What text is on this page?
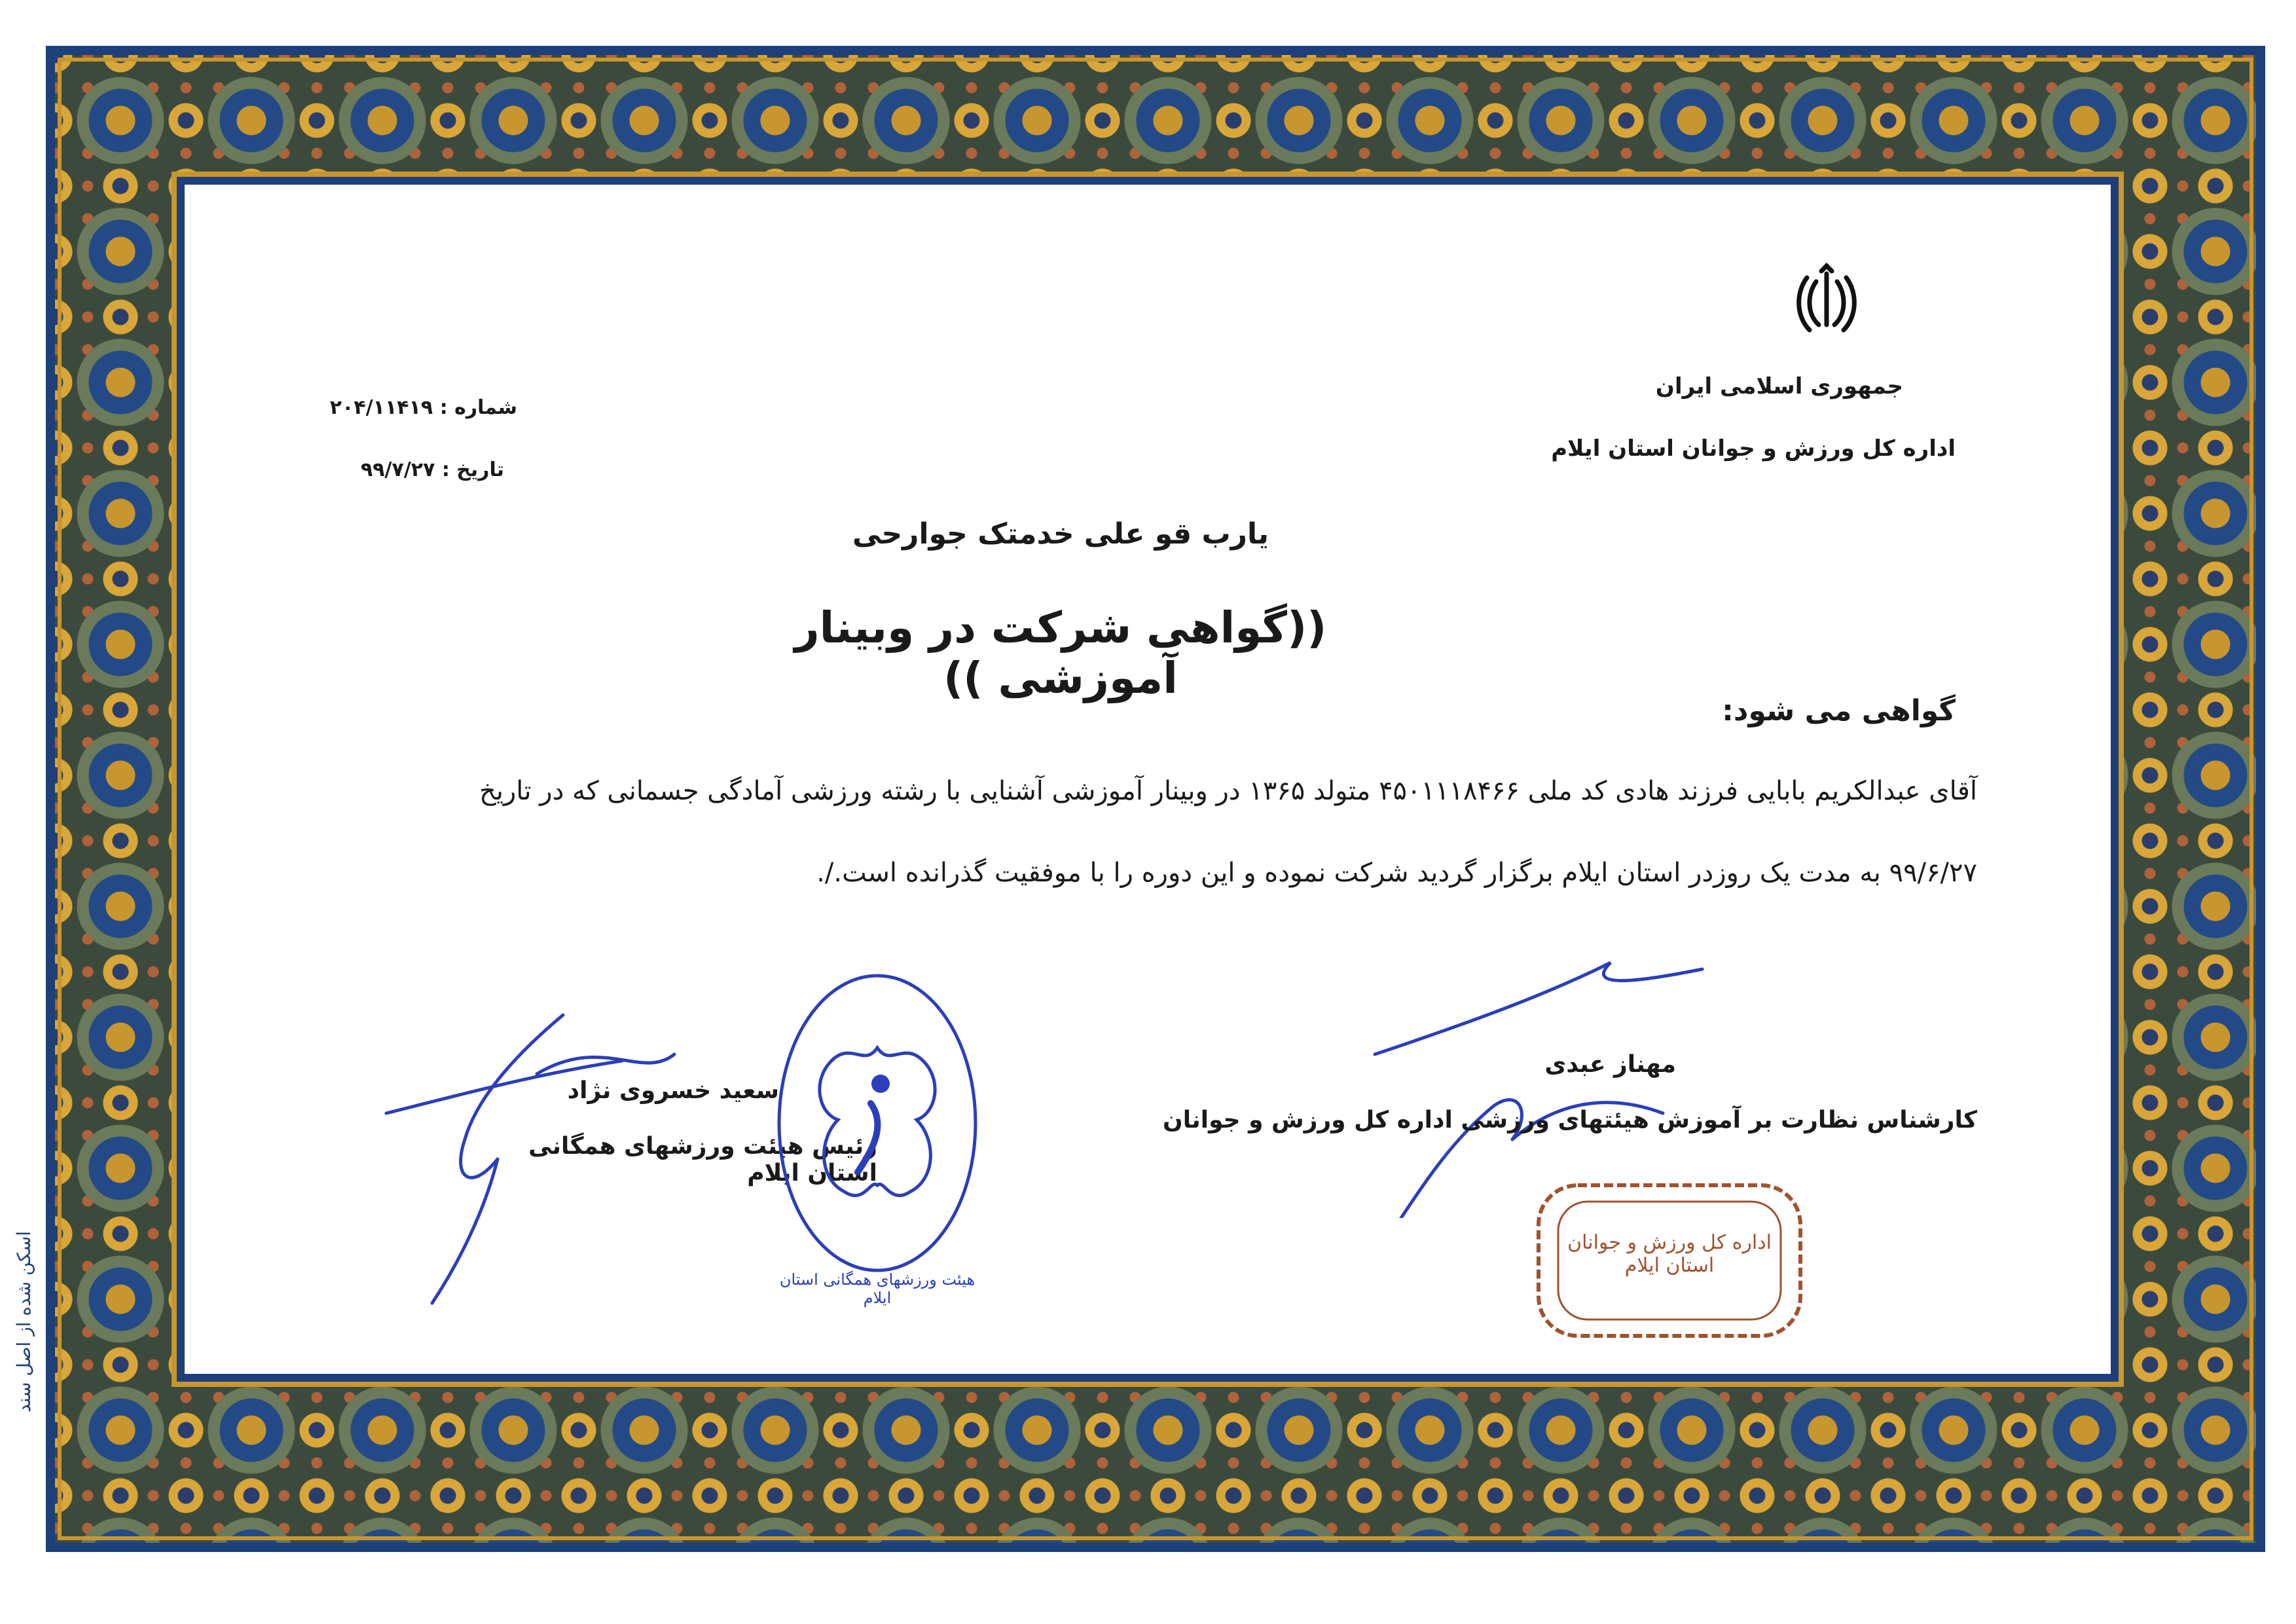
جمهوری اسلامی ایران
اداره کل ورزش و جوانان استان ایلام
شماره : ۲۰۴/۱۱۴۱۹
تاریخ : ۹۹/۷/۲۷
یارب قو علی خدمتک جوارحی
((گواهی شرکت در وبینار آموزشی ))
گواهی می شود:
آقای عبدالکریم بابایی فرزند هادی کد ملی ۴۵۰۱۱۱۸۴۶۶ متولد ۱۳۶۵ در وبینار آموزشی آشنایی با رشته ورزشی آمادگی جسمانی که در تاریخ
۹۹/۶/۲۷ به مدت یک روزدر استان ایلام برگزار گردید شرکت نموده و این دوره را با موفقیت گذرانده است./.
مهناز عبدی
کارشناس نظارت بر آموزش هیئتهای ورزشی اداره کل ورزش و جوانان
اداره کل ورزش و جوانان استان ایلام
سعید خسروی نژاد
رئیس هیئت ورزشهای همگانی استان ایلام
هیئت ورزشهای همگانی استان ایلام
اسکن شده از اصل سند
